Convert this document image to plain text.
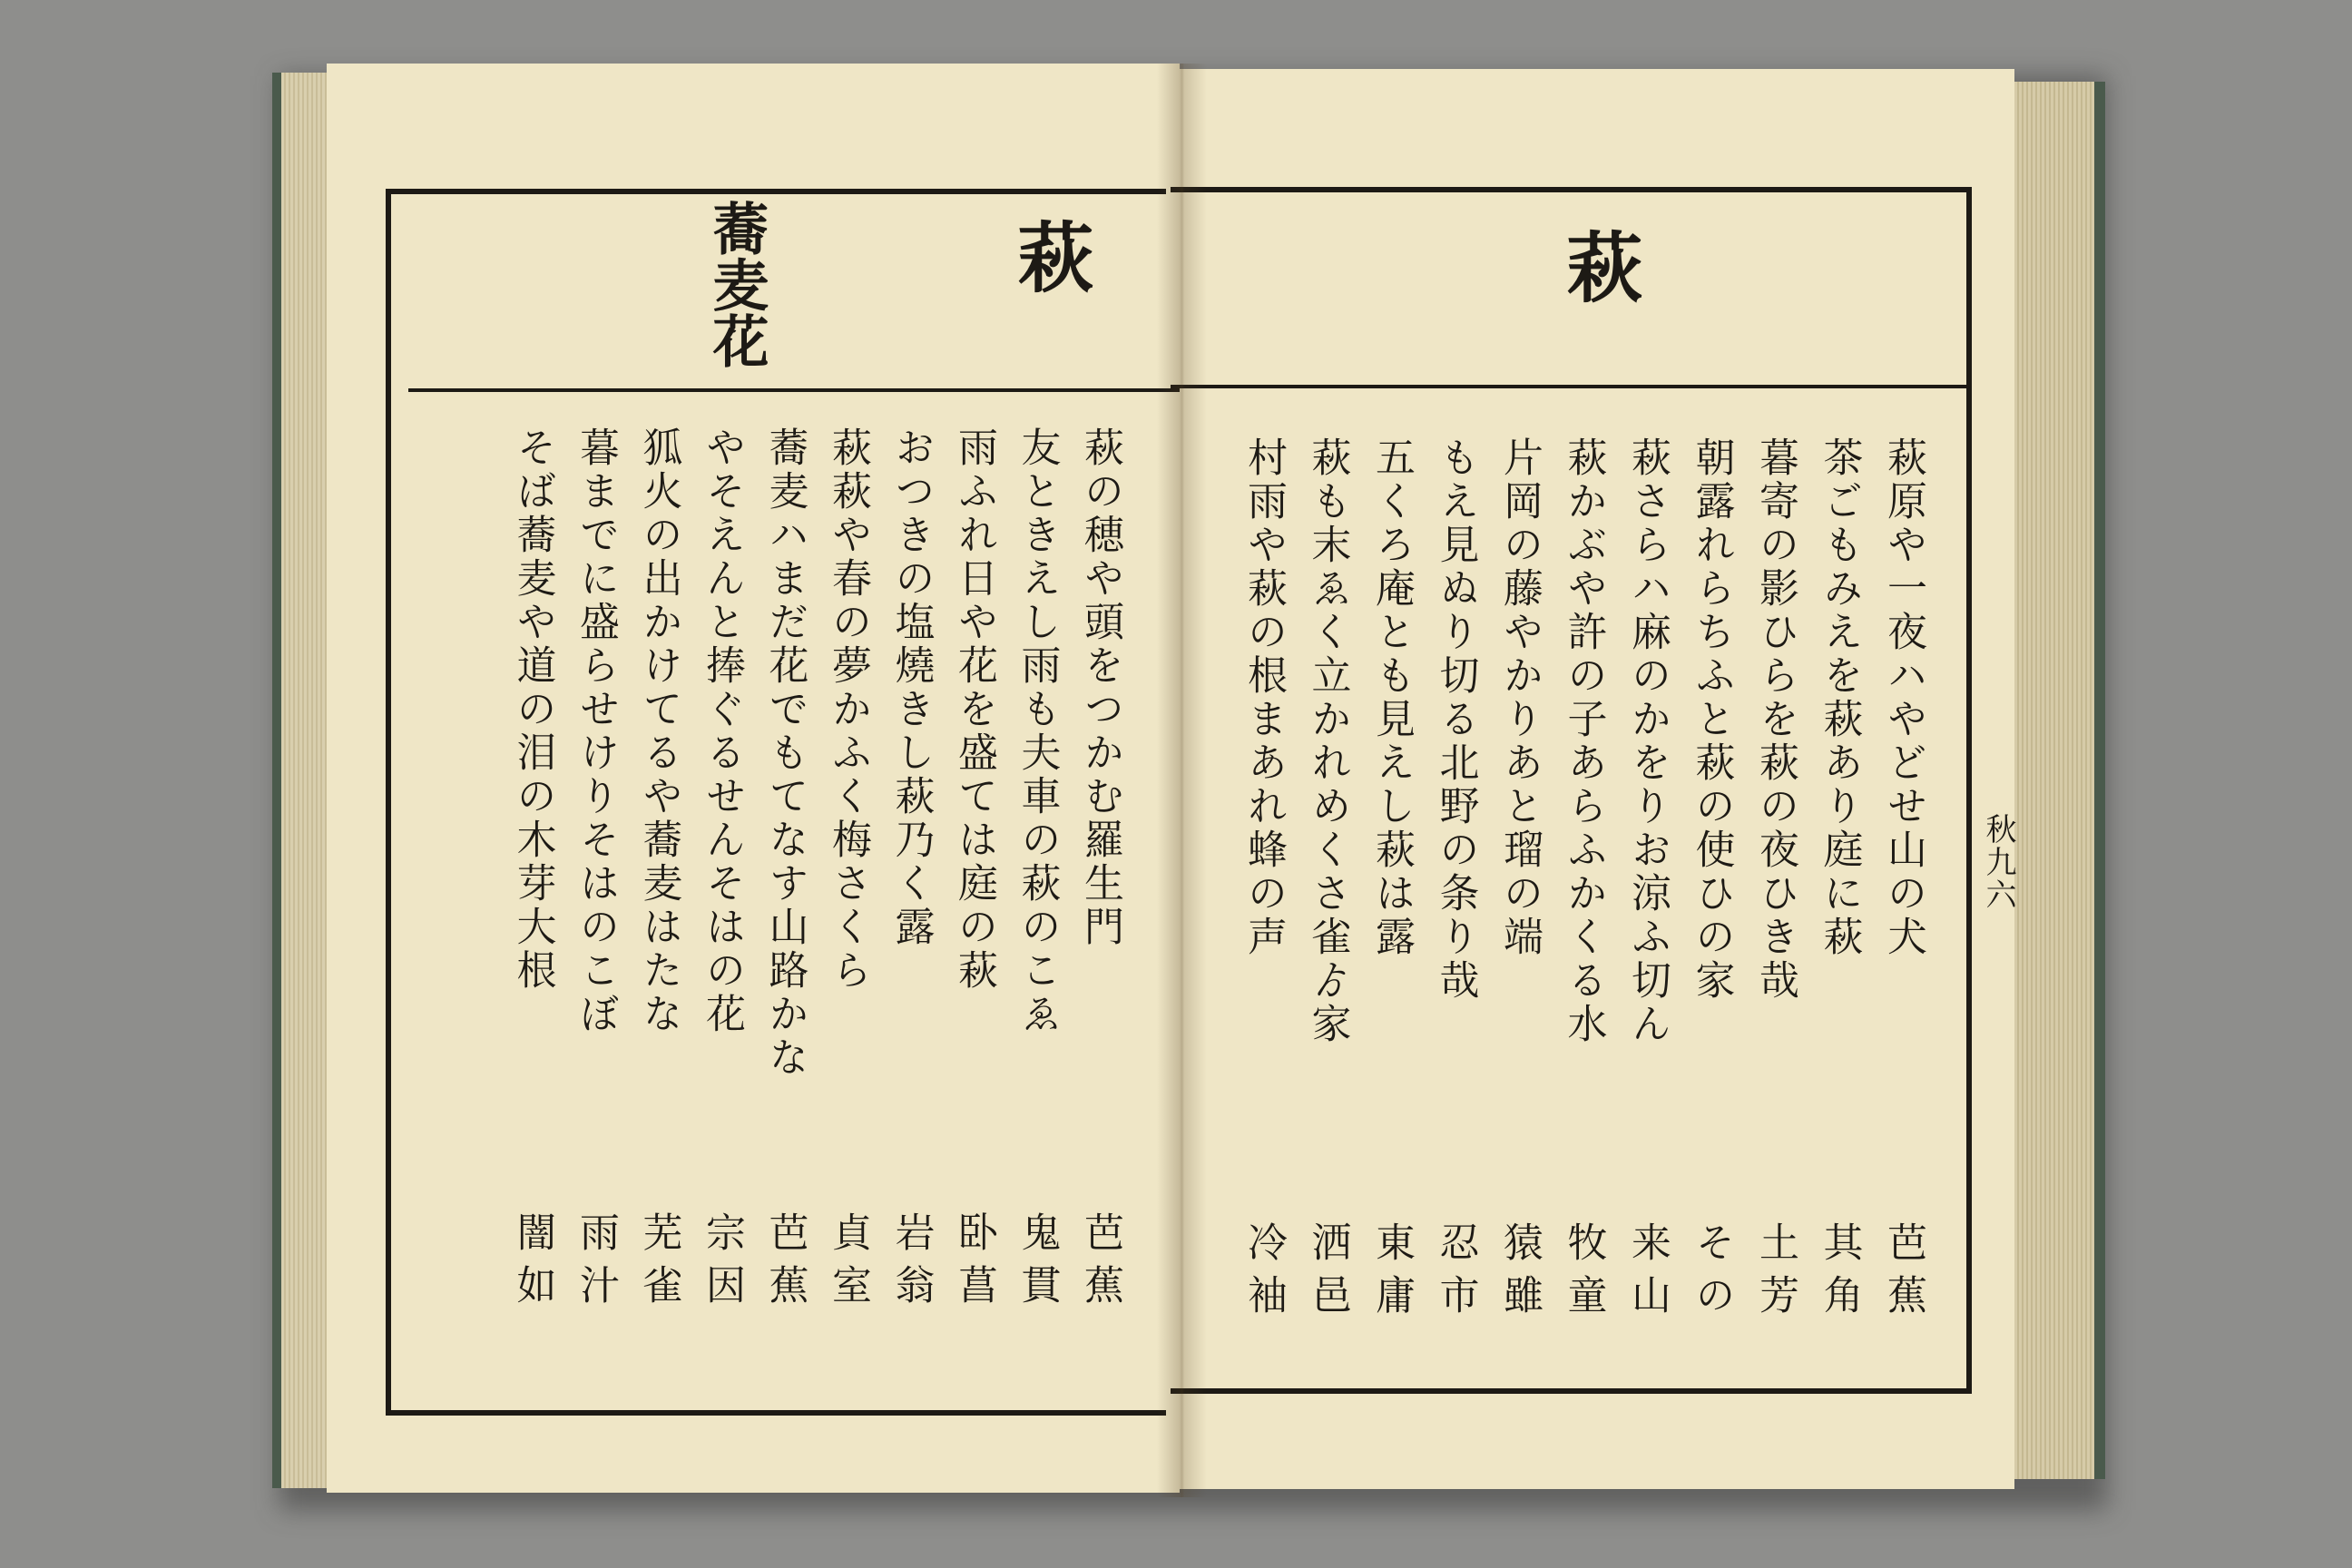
萩
蕎麦花
萩の穂や頭をつかむ羅生門
芭蕉
友ときえし雨も夫車の萩のこゑ
鬼貫
雨ふれ日や花を盛ては庭の萩
卧菖
おつきの塩燒きし萩乃く露
岩翁
萩萩や春の夢かふく梅さくら
貞室
蕎麦ハまだ花でもてなす山路かな
芭蕉
やそえんと捧ぐるせんそはの花
宗因
狐火の出かけてるや蕎麦はたな
芜雀
暮までに盛らせけりそはのこぼ
雨汁
そば蕎麦や道の泪の木芽大根
闇如
萩
秋九六
萩原や一夜ハやどせ山の犬
芭蕉
茶ごもみえを萩あり庭に萩
其角
暮寄の影ひらを萩の夜ひき哉
土芳
朝露れらちふと萩の使ひの家
その
萩さらハ麻のかをりお涼ふ切ん
来山
萩かぶや許の子あらふかくる水
牧童
片岡の藤やかりあと瑠の端
猿雖
もえ見ぬり切る北野の条り哉
忍市
五くろ庵とも見えし萩は露
東庸
萩も末ゑく立かれめくさ雀ゟ家
洒邑
村雨や萩の根まあれ蜂の声
冷袖
